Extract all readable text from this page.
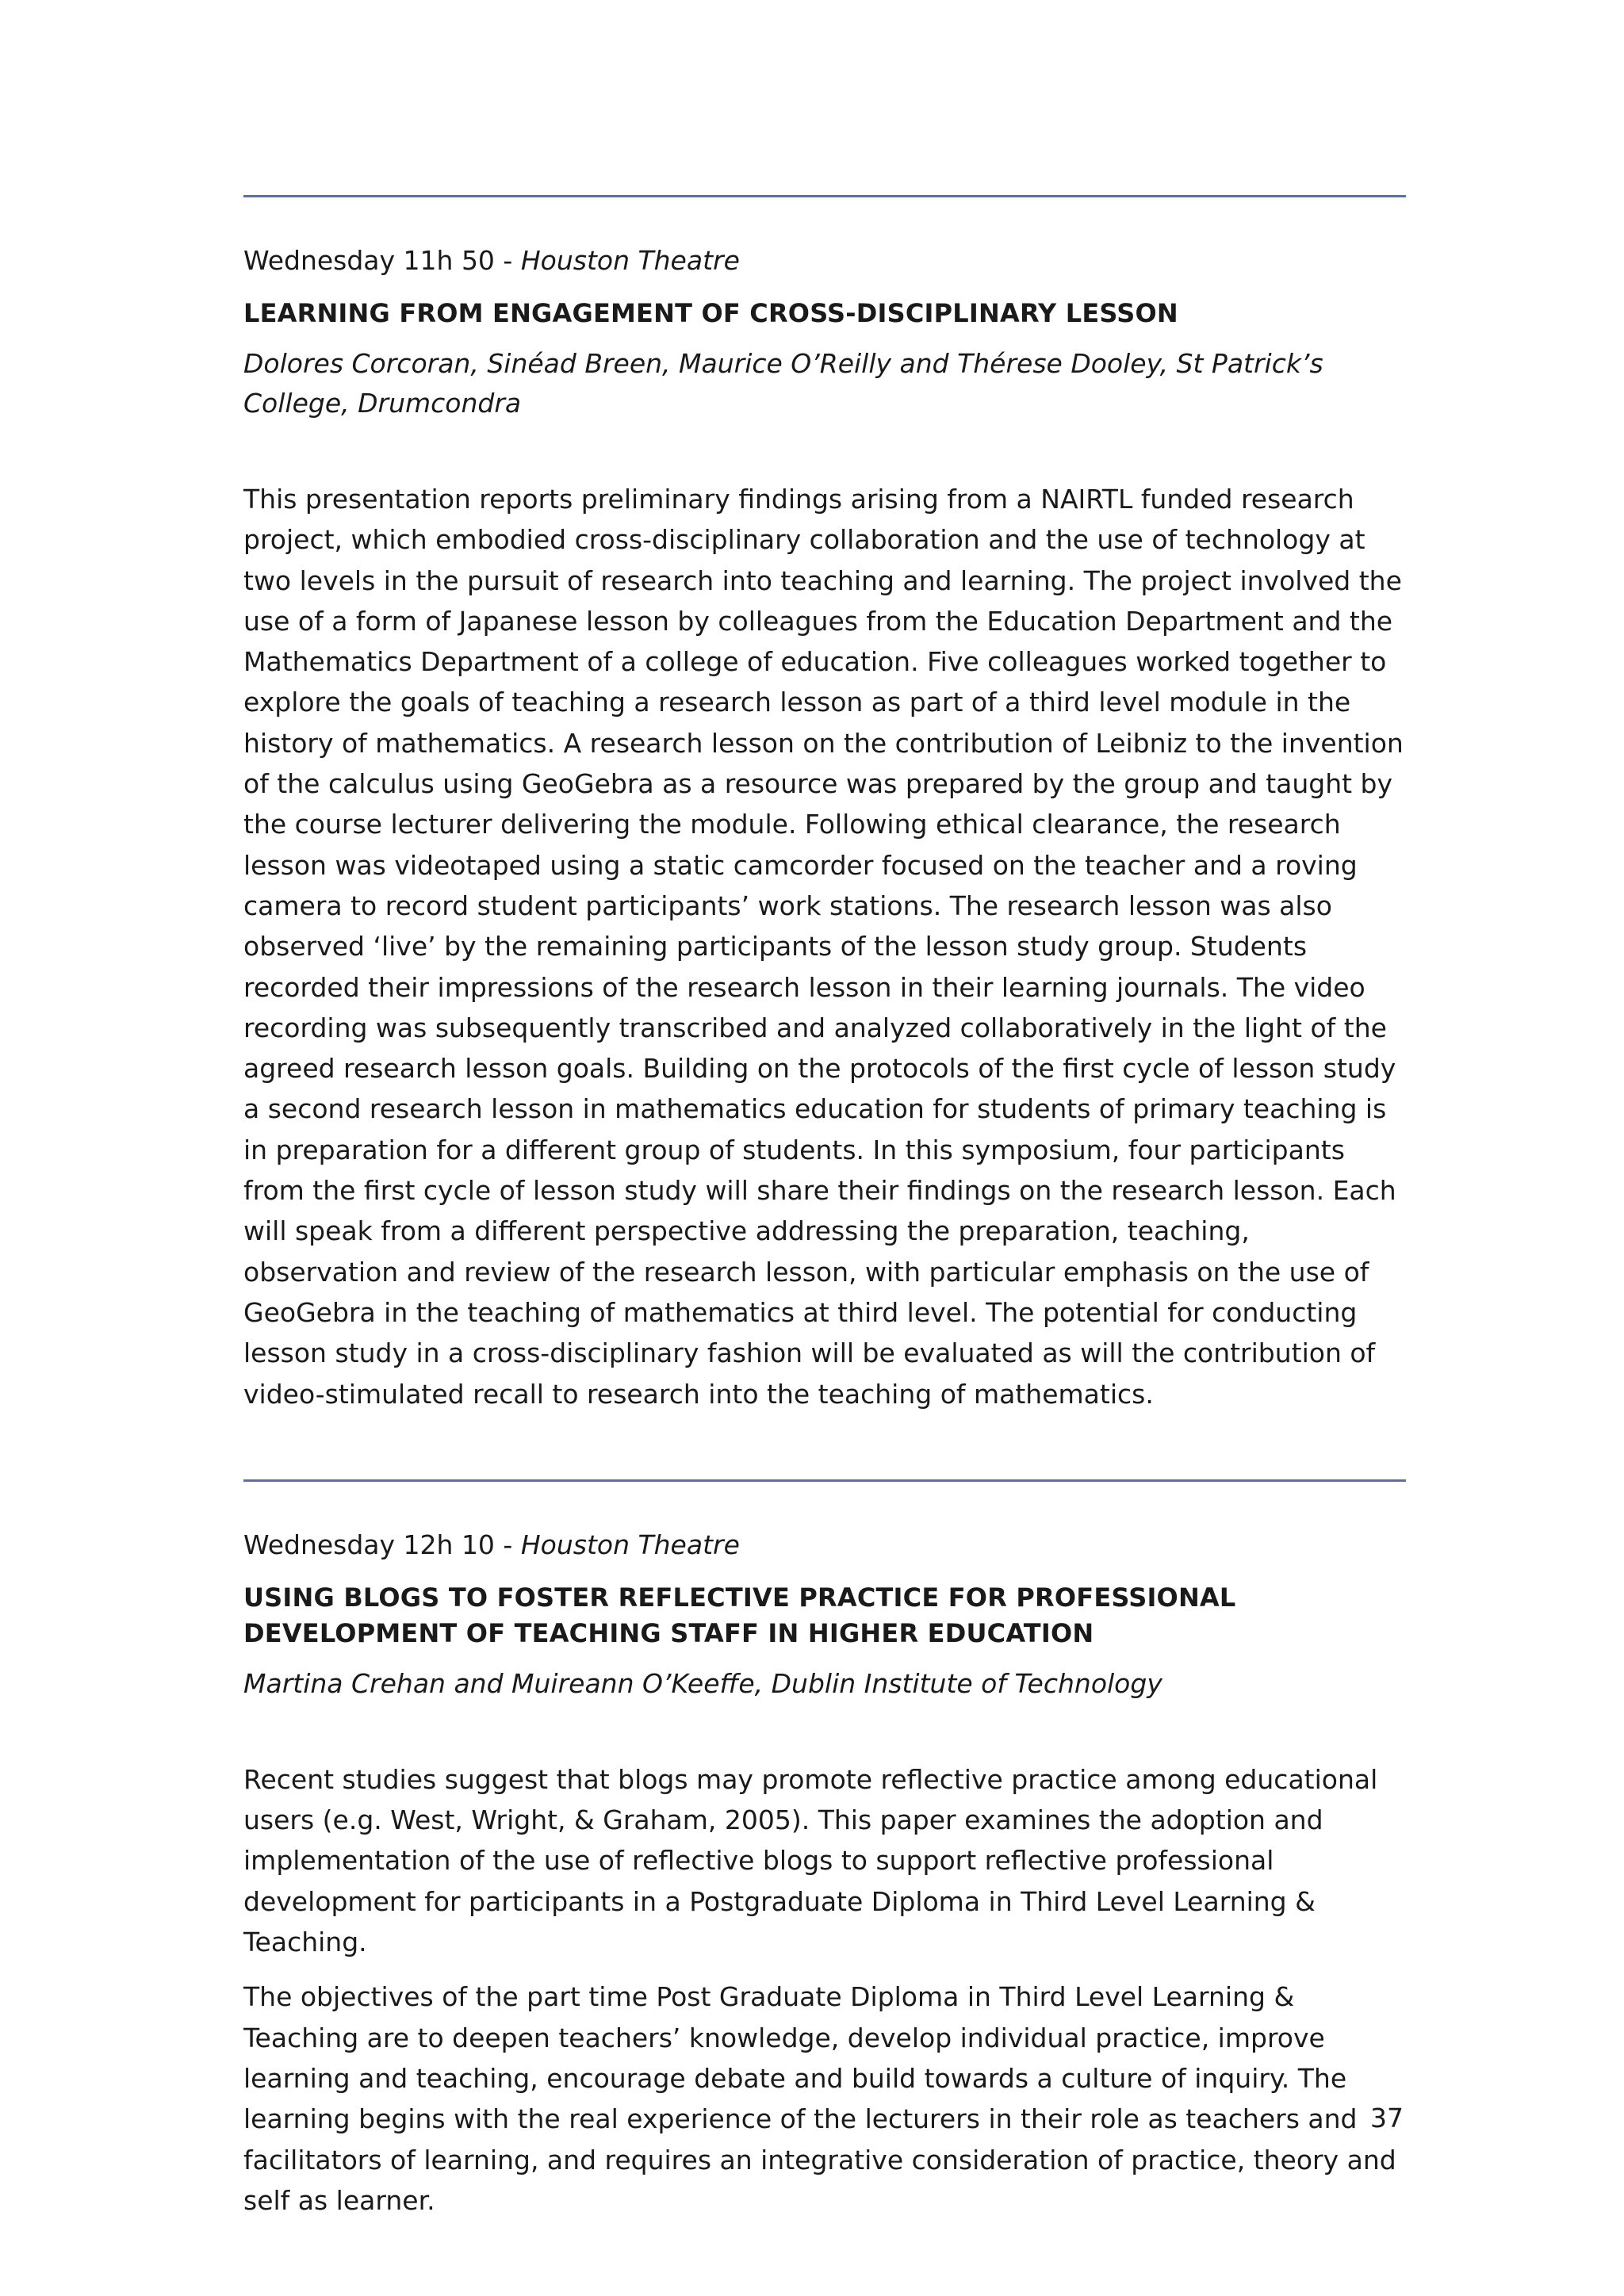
Wednesday 11h 50 - Houston Theatre
LEARNING FROM ENGAGEMENT OF CROSS-DISCIPLINARY LESSON
Dolores Corcoran, Sinéad Breen, Maurice O’Reilly and Thérese Dooley, St Patrick’s College, Drumcondra
This presentation reports preliminary findings arising from a NAIRTL funded research project, which embodied cross-disciplinary collaboration and the use of technology at two levels in the pursuit of research into teaching and learning. The project involved the use of a form of Japanese lesson by colleagues from the Education Department and the Mathematics Department of a college of education. Five colleagues worked together to explore the goals of teaching a research lesson as part of a third level module in the history of mathematics. A research lesson on the contribution of Leibniz to the invention of the calculus using GeoGebra as a resource was prepared by the group and taught by the course lecturer delivering the module. Following ethical clearance, the research lesson was videotaped using a static camcorder focused on the teacher and a roving camera to record student participants’ work stations. The research lesson was also observed ‘live’ by the remaining participants of the lesson study group. Students recorded their impressions of the research lesson in their learning journals. The video recording was subsequently transcribed and analyzed collaboratively in the light of the agreed research lesson goals. Building on the protocols of the first cycle of lesson study a second research lesson in mathematics education for students of primary teaching is in preparation for a different group of students. In this symposium, four participants from the first cycle of lesson study will share their findings on the research lesson. Each will speak from a different perspective addressing the preparation, teaching, observation and review of the research lesson, with particular emphasis on the use of GeoGebra in the teaching of mathematics at third level. The potential for conducting lesson study in a cross-disciplinary fashion will be evaluated as will the contribution of video-stimulated recall to research into the teaching of mathematics.
Wednesday 12h 10 - Houston Theatre
USING BLOGS TO FOSTER REFLECTIVE PRACTICE FOR PROFESSIONAL DEVELOPMENT OF TEACHING STAFF IN HIGHER EDUCATION
Martina Crehan and Muireann O’Keeffe, Dublin Institute of Technology
Recent studies suggest that blogs may promote reflective practice among educational users (e.g. West, Wright, & Graham, 2005). This paper examines the adoption and implementation of the use of reflective blogs to support reflective professional development for participants in a Postgraduate Diploma in Third Level Learning & Teaching.
The objectives of the part time Post Graduate Diploma in Third Level Learning & Teaching are to deepen teachers’ knowledge, develop individual practice, improve learning and teaching, encourage debate and build towards a culture of inquiry. The learning begins with the real experience of the lecturers in their role as teachers and facilitators of learning, and requires an integrative consideration of practice, theory and self as learner.
37
